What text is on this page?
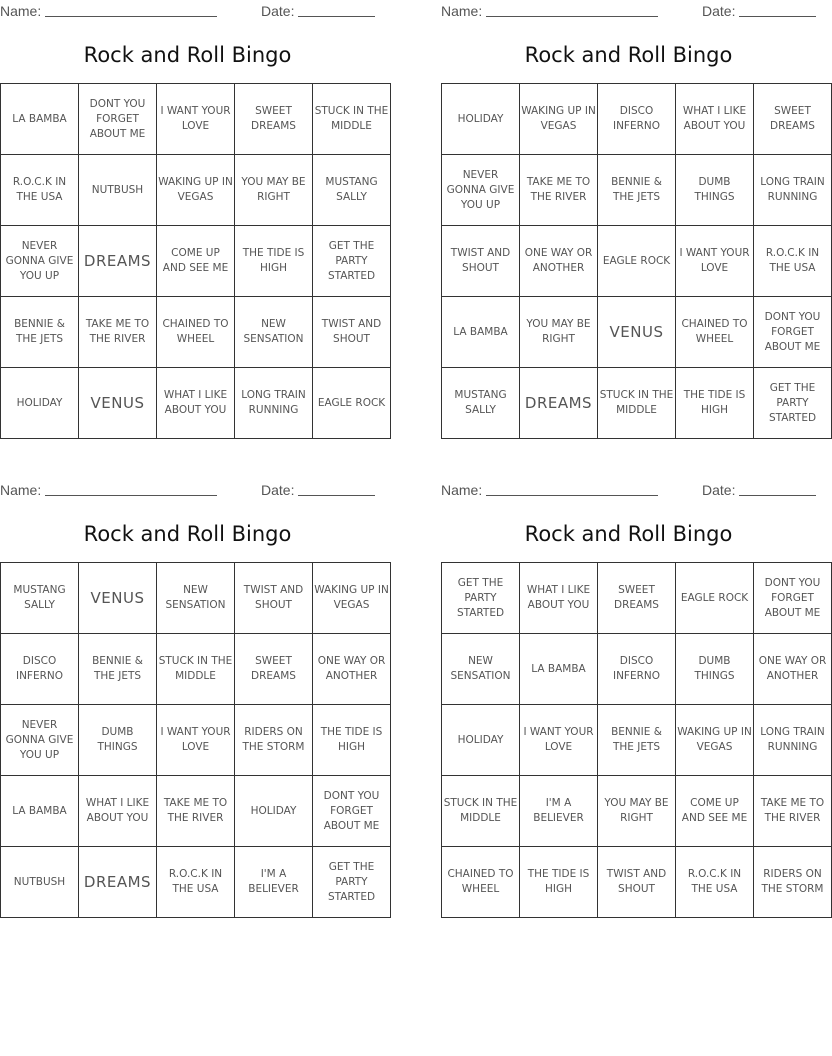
Name:	Date:
Rock and Roll Bingo
LA BAMBA	DONT YOU FORGET ABOUT ME	I WANT YOUR LOVE	SWEET DREAMS	STUCK IN THE MIDDLE
R.O.C.K IN THE USA	NUTBUSH	WAKING UP IN VEGAS	YOU MAY BE RIGHT	MUSTANG SALLY
NEVER GONNA GIVE YOU UP	DREAMS	COME UP AND SEE ME	THE TIDE IS HIGH	GET THE PARTY STARTED
BENNIE & THE JETS	TAKE ME TO THE RIVER	CHAINED TO WHEEL	NEW SENSATION	TWIST AND SHOUT
HOLIDAY	VENUS	WHAT I LIKE ABOUT YOU	LONG TRAIN RUNNING	EAGLE ROCK
Name:	Date:
Rock and Roll Bingo
HOLIDAY	WAKING UP IN VEGAS	DISCO INFERNO	WHAT I LIKE ABOUT YOU	SWEET DREAMS
NEVER GONNA GIVE YOU UP	TAKE ME TO THE RIVER	BENNIE & THE JETS	DUMB THINGS	LONG TRAIN RUNNING
TWIST AND SHOUT	ONE WAY OR ANOTHER	EAGLE ROCK	I WANT YOUR LOVE	R.O.C.K IN THE USA
LA BAMBA	YOU MAY BE RIGHT	VENUS	CHAINED TO WHEEL	DONT YOU FORGET ABOUT ME
MUSTANG SALLY	DREAMS	STUCK IN THE MIDDLE	THE TIDE IS HIGH	GET THE PARTY STARTED
Name:	Date:
Rock and Roll Bingo
MUSTANG SALLY	VENUS	NEW SENSATION	TWIST AND SHOUT	WAKING UP IN VEGAS
DISCO INFERNO	BENNIE & THE JETS	STUCK IN THE MIDDLE	SWEET DREAMS	ONE WAY OR ANOTHER
NEVER GONNA GIVE YOU UP	DUMB THINGS	I WANT YOUR LOVE	RIDERS ON THE STORM	THE TIDE IS HIGH
LA BAMBA	WHAT I LIKE ABOUT YOU	TAKE ME TO THE RIVER	HOLIDAY	DONT YOU FORGET ABOUT ME
NUTBUSH	DREAMS	R.O.C.K IN THE USA	I'M A BELIEVER	GET THE PARTY STARTED
Name:	Date:
Rock and Roll Bingo
GET THE PARTY STARTED	WHAT I LIKE ABOUT YOU	SWEET DREAMS	EAGLE ROCK	DONT YOU FORGET ABOUT ME
NEW SENSATION	LA BAMBA	DISCO INFERNO	DUMB THINGS	ONE WAY OR ANOTHER
HOLIDAY	I WANT YOUR LOVE	BENNIE & THE JETS	WAKING UP IN VEGAS	LONG TRAIN RUNNING
STUCK IN THE MIDDLE	I'M A BELIEVER	YOU MAY BE RIGHT	COME UP AND SEE ME	TAKE ME TO THE RIVER
CHAINED TO WHEEL	THE TIDE IS HIGH	TWIST AND SHOUT	R.O.C.K IN THE USA	RIDERS ON THE STORM
